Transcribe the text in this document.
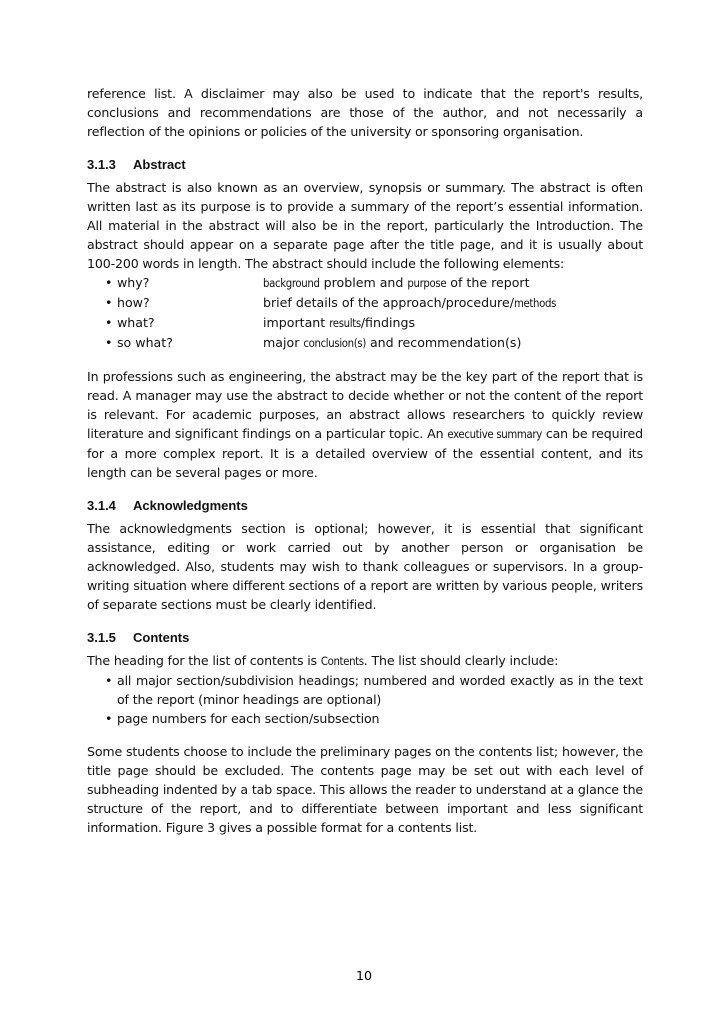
reference list. A disclaimer may also be used to indicate that the report's results, conclusions and recommendations are those of the author, and not necessarily a reflection of the opinions or policies of the university or sponsoring organisation.

3.1.3 Abstract

The abstract is also known as an overview, synopsis or summary. The abstract is often written last as its purpose is to provide a summary of the report’s essential information. All material in the abstract will also be in the report, particularly the Introduction. The abstract should appear on a separate page after the title page, and it is usually about 100-200 words in length. The abstract should include the following elements:

• why?	background problem and purpose of the report
• how?	brief details of the approach/procedure/methods
• what?	important results/findings
• so what?	major conclusion(s) and recommendation(s)

In professions such as engineering, the abstract may be the key part of the report that is read. A manager may use the abstract to decide whether or not the content of the report is relevant. For academic purposes, an abstract allows researchers to quickly review literature and significant findings on a particular topic. An executive summary can be required for a more complex report. It is a detailed overview of the essential content, and its length can be several pages or more.

3.1.4 Acknowledgments

The acknowledgments section is optional; however, it is essential that significant assistance, editing or work carried out by another person or organisation be acknowledged. Also, students may wish to thank colleagues or supervisors. In a group-writing situation where different sections of a report are written by various people, writers of separate sections must be clearly identified.

3.1.5 Contents

The heading for the list of contents is Contents. The list should clearly include:

• all major section/subdivision headings; numbered and worded exactly as in the text of the report (minor headings are optional)
• page numbers for each section/subsection

Some students choose to include the preliminary pages on the contents list; however, the title page should be excluded. The contents page may be set out with each level of subheading indented by a tab space. This allows the reader to understand at a glance the structure of the report, and to differentiate between important and less significant information. Figure 3 gives a possible format for a contents list.

10
